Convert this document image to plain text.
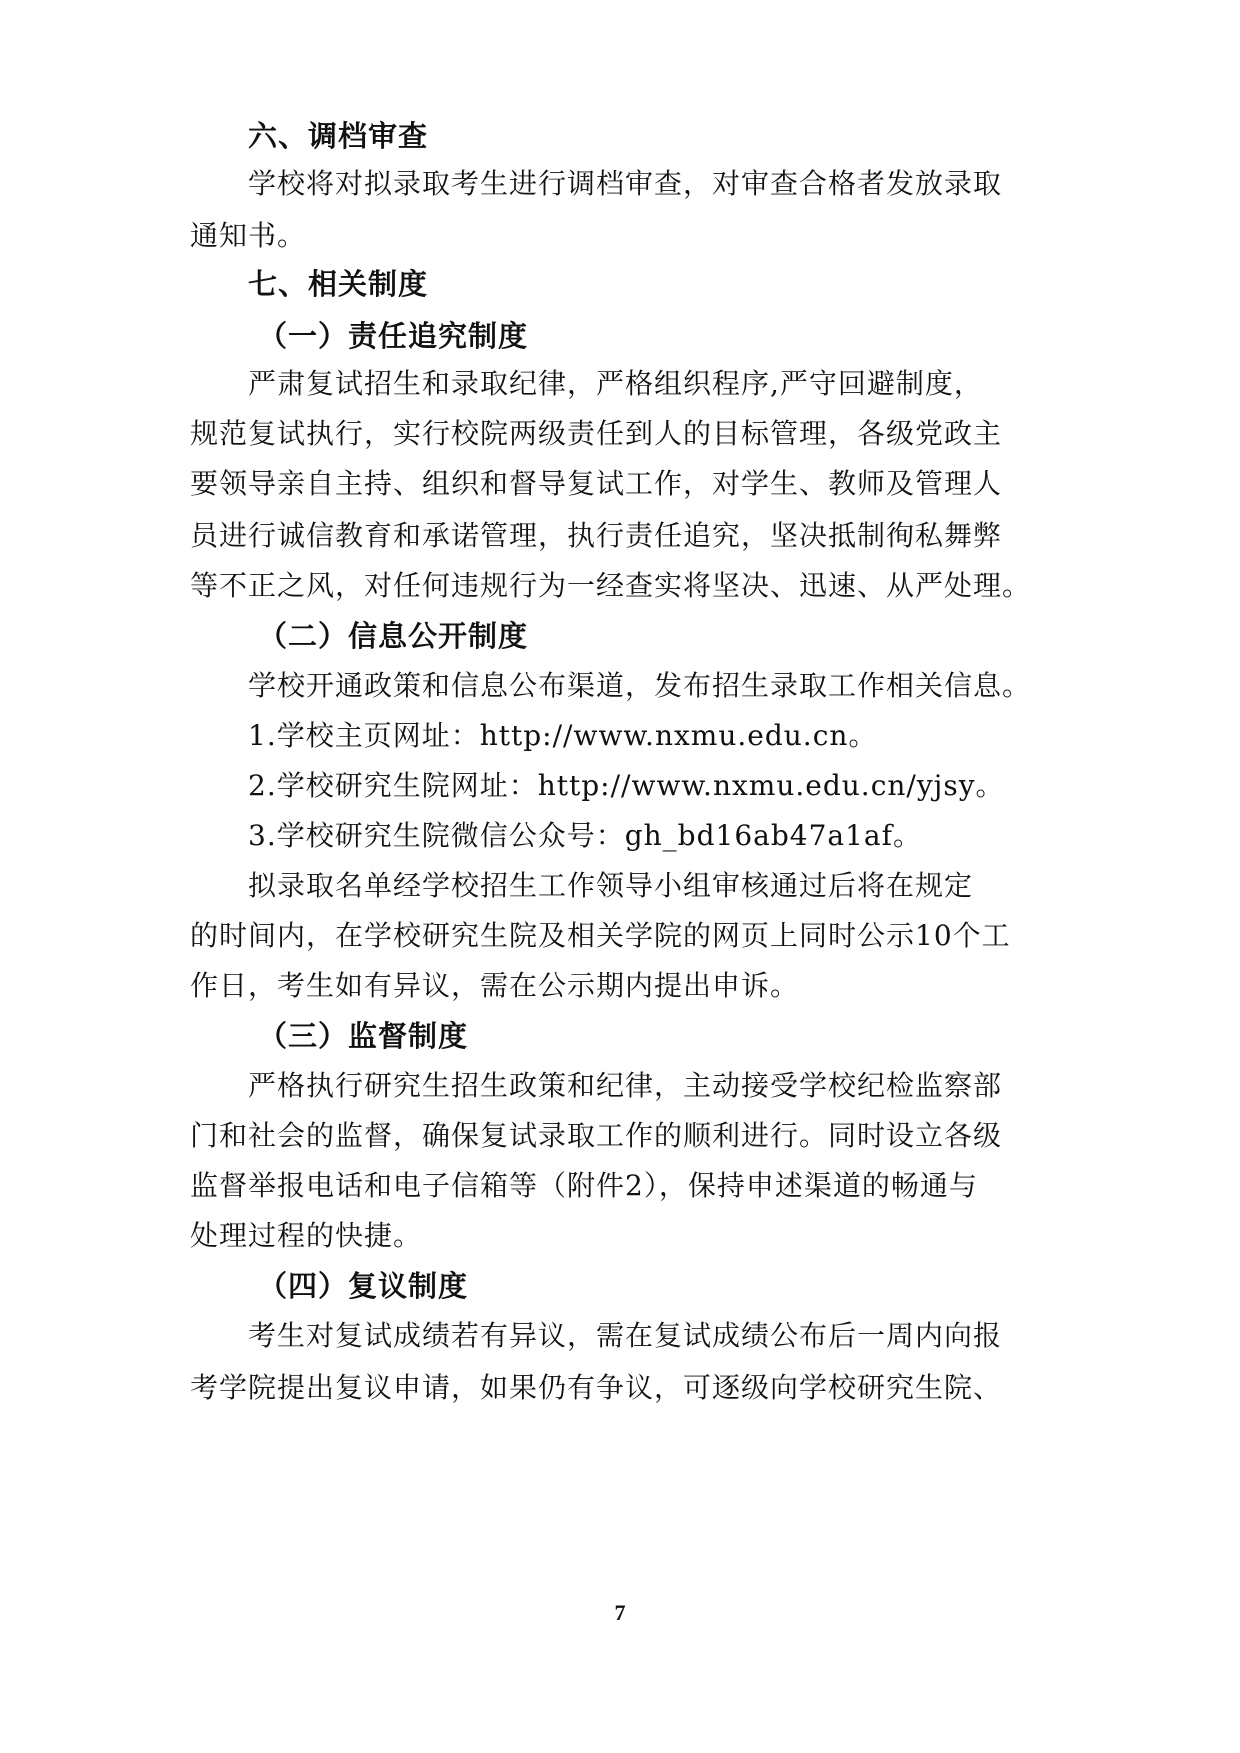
六、调档审查

学校将对拟录取考生进行调档审查，对审查合格者发放录取

通知书。

七、相关制度

（一）责任追究制度

严肃复试招生和录取纪律，严格组织程序,严守回避制度，

规范复试执行，实行校院两级责任到人的目标管理，各级党政主

要领导亲自主持、组织和督导复试工作，对学生、教师及管理人

员进行诚信教育和承诺管理，执行责任追究，坚决抵制徇私舞弊

等不正之风，对任何违规行为一经查实将坚决、迅速、从严处理。

（二）信息公开制度

学校开通政策和信息公布渠道，发布招生录取工作相关信息。

1.学校主页网址：http://www.nxmu.edu.cn。

2.学校研究生院网址：http://www.nxmu.edu.cn/yjsy。

3.学校研究生院微信公众号：gh_bd16ab47a1af。

拟录取名单经学校招生工作领导小组审核通过后将在规定

的时间内，在学校研究生院及相关学院的网页上同时公示10个工

作日，考生如有异议，需在公示期内提出申诉。

（三）监督制度

严格执行研究生招生政策和纪律，主动接受学校纪检监察部

门和社会的监督，确保复试录取工作的顺利进行。同时设立各级

监督举报电话和电子信箱等（附件2），保持申述渠道的畅通与

处理过程的快捷。

（四）复议制度

考生对复试成绩若有异议，需在复试成绩公布后一周内向报

考学院提出复议申请，如果仍有争议，可逐级向学校研究生院、

7
